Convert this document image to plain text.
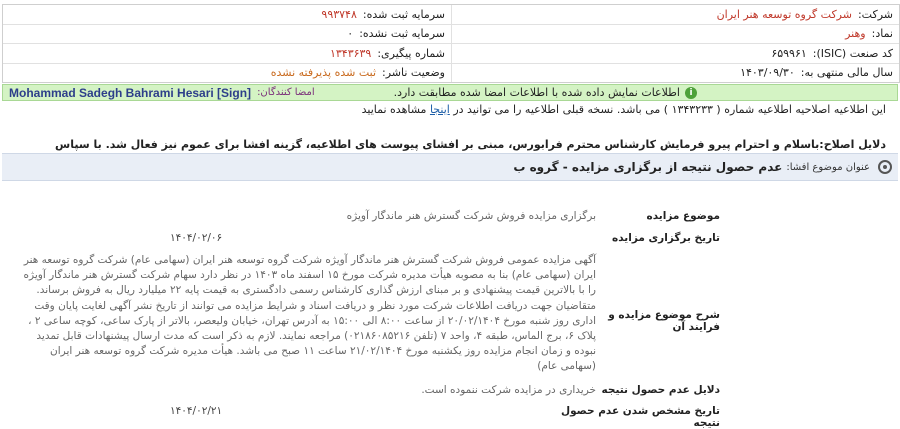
شرکت:
شرکت گروه توسعه هنر ایران
سرمایه ثبت شده:
۹۹۳۷۴۸
نماد:
وهنر
سرمایه ثبت نشده:
۰
کد صنعت (ISIC):
۶۵۹۹۶۱
شماره پیگیری:
۱۳۴۳۶۳۹
سال مالی منتهی به:
۱۴۰۳/۰۹/۳۰
وضعیت ناشر:
ثبت شده پذیرفته نشده
i
اطلاعات نمایش داده شده با اطلاعات امضا شده مطابقت دارد.
امضا کنندگان:
Mohammad Sadegh Bahrami Hesari [Sign]
این اطلاعیه اصلاحیه اطلاعیه شماره ( ۱۳۴۳۲۳۳ ) می باشد. نسخه قبلی اطلاعیه را می توانید در اینجا مشاهده نمایید
دلایل اصلاح:باسلام و احترام پیرو فرمایش کارشناس محترم فرابورس، مبنی بر افشای پیوست های اطلاعیه، گزینه افشا برای عموم نیز فعال شد. با سپاس
عنوان موضوع افشا:
عدم حصول نتیجه از برگزاری مزایده - گروه ب
موضوع مزایده
برگزاری مزایده فروش شرکت گسترش هنر ماندگار آویژه
تاریخ برگزاری مزایده
۱۴۰۴/۰۲/۰۶
شرح موضوع مزایده و فرایند آن
آگهی مزایده عمومی فروش شرکت گسترش هنر ماندگار آویژه شرکت گروه توسعه هنر ایران (سهامی عام) شرکت گروه توسعه هنر ایران (سهامی عام) بنا به مصوبه هیأت مدیره شرکت مورخ ۱۵ اسفند ماه ۱۴۰۳ در نظر دارد سهام شرکت گسترش هنر ماندگار آویژه را با بالاترین قیمت پیشنهادی و بر مبنای ارزش گذاری کارشناس رسمی دادگستری به قیمت پایه ۲۲ میلیارد ریال به فروش برساند. متقاضیان جهت دریافت اطلاعات شرکت مورد نظر و دریافت اسناد و شرایط مزایده می توانند از تاریخ نشر آگهی لغایت پایان وقت اداری روز شنبه مورخ ۲۰/۰۲/۱۴۰۴ از ساعت ۸:۰۰ الی ۱۵:۰۰ به آدرس تهران، خیابان ولیعصر، بالاتر از پارک ساعی، کوچه ساعی ۲ ، پلاک ۶، برج الماس، طبقه ۴، واحد ۷ (تلفن ۰۲۱۸۶۰۸۵۲۱۶) مراجعه نمایند. لازم به ذکر است که مدت ارسال پیشنهادات قابل تمدید نبوده و زمان انجام مزایده روز یکشنبه مورخ ۲۱/۰۲/۱۴۰۴ ساعت ۱۱ صبح می باشد. هیأت مدیره شرکت گروه توسعه هنر ایران (سهامی عام)
دلایل عدم حصول نتیجه
خریداری در مزایده شرکت ننموده است.
تاریخ مشخص شدن عدم حصول نتیجه
۱۴۰۴/۰۲/۲۱
